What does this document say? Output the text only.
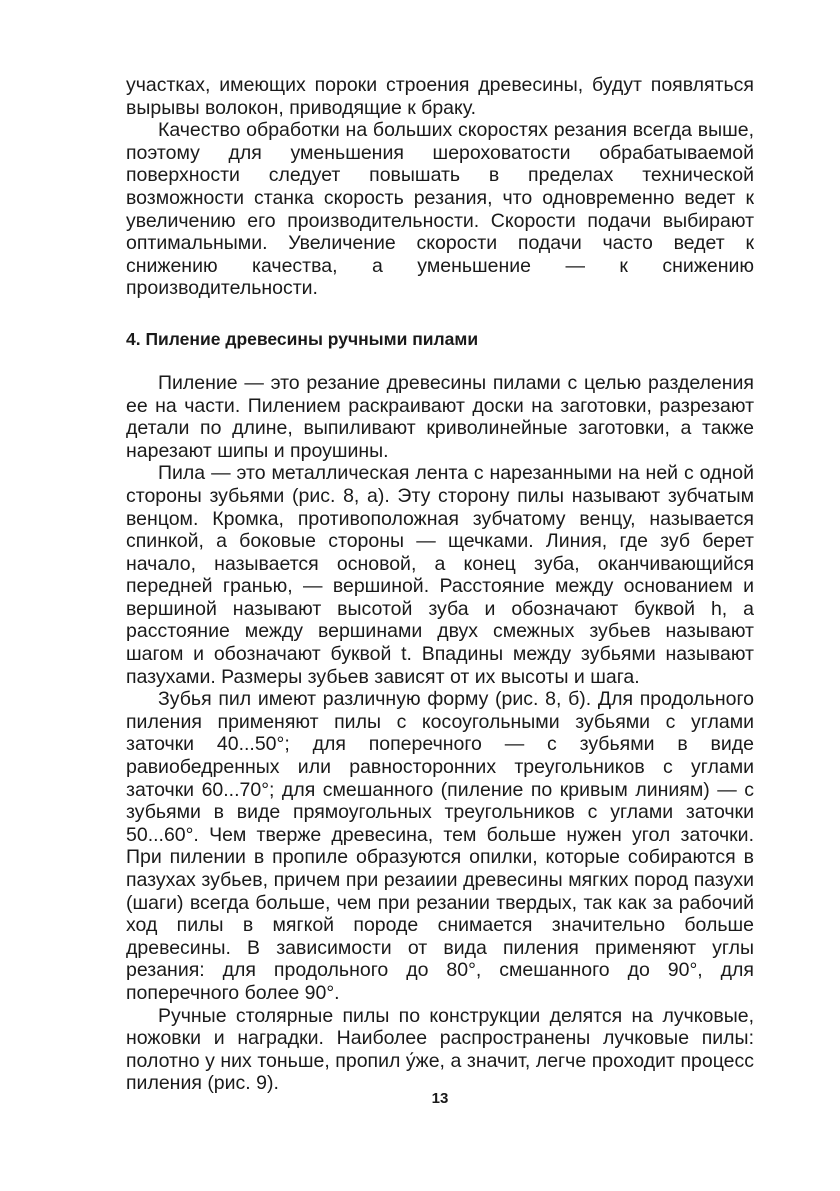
участках, имеющих пороки строения древесины, будут появляться вырывы волокон, приводящие к браку.

Качество обработки на больших скоростях резания всегда выше, поэтому для уменьшения шероховатости обрабатываемой поверхности следует повышать в пределах технической возможности станка скорость резания, что одновременно ведет к увеличению его производительности. Скорости подачи выбирают оптимальными. Увеличение скорости подачи часто ведет к снижению качества, а уменьшение — к снижению производительности.

4. Пиление древесины ручными пилами

Пиление — это резание древесины пилами с целью разделения ее на части. Пилением раскраивают доски на заготовки, разрезают детали по длине, выпиливают криволинейные заготовки, а также нарезают шипы и проушины.

Пила — это металлическая лента с нарезанными на ней с одной стороны зубьями (рис. 8, а). Эту сторону пилы называют зубчатым венцом. Кромка, противоположная зубчатому венцу, называется спинкой, а боковые стороны — щечками. Линия, где зуб берет начало, называется основой, а конец зуба, оканчивающийся передней гранью, — вершиной. Расстояние между основанием и вершиной называют высотой зуба и обозначают буквой h, а расстояние между вершинами двух смежных зубьев называют шагом и обозначают буквой t. Впадины между зубьями называют пазухами. Размеры зубьев зависят от их высоты и шага.

Зубья пил имеют различную форму (рис. 8, б). Для продольного пиления применяют пилы с косоугольными зубьями с углами заточки 40...50°; для поперечного — с зубьями в виде равиобедренных или равносторонних треугольников с углами заточки 60...70°; для смешанного (пиление по кривым линиям) — с зубьями в виде прямоугольных треугольников с углами заточки 50...60°. Чем тверже древесина, тем больше нужен угол заточки. При пилении в пропиле образуются опилки, которые собираются в пазухах зубьев, причем при резаиии древесины мягких пород пазухи (шаги) всегда больше, чем при резании твердых, так как за рабочий ход пилы в мягкой породе снимается значительно больше древесины. В зависимости от вида пиления применяют углы резания: для продольного до 80°, смешанного до 90°, для поперечного более 90°.

Ручные столярные пилы по конструкции делятся на лучковые, ножовки и наградки. Наиболее распространены лучковые пилы: полотно у них тоньше, пропил у́же, а значит, легче проходит процесс пиления (рис. 9).

13
